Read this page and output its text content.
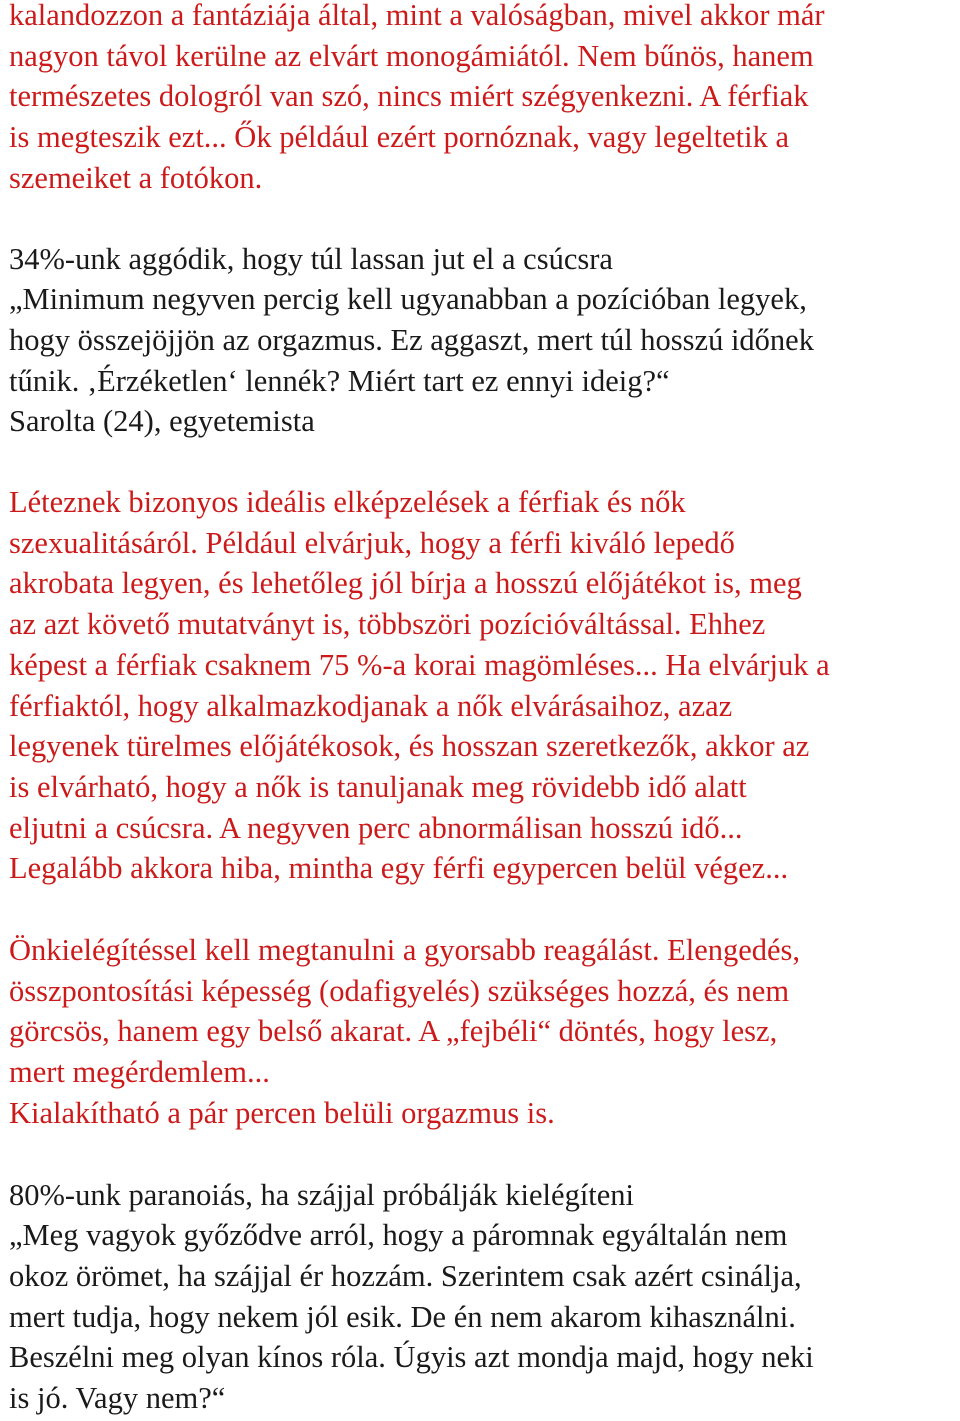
kalandozzon a fantáziája által, mint a valóságban, mivel akkor már
nagyon távol kerülne az elvárt monogámiától. Nem bűnös, hanem
természetes dologról van szó, nincs miért szégyenkezni. A férfiak
is megteszik ezt... Ők például ezért pornóznak, vagy legeltetik a
szemeiket a fotókon.
34%-unk aggódik, hogy túl lassan jut el a csúcsra
„Minimum negyven percig kell ugyanabban a pozícióban legyek,
hogy összejöjjön az orgazmus. Ez aggaszt, mert túl hosszú időnek
tűnik. ‚Érzéketlen‘ lennék? Miért tart ez ennyi ideig?“
Sarolta (24), egyetemista
Léteznek bizonyos ideális elképzelések a férfiak és nők
szexualitásáról. Például elvárjuk, hogy a férfi kiváló lepedő
akrobata legyen, és lehetőleg jól bírja a hosszú előjátékot is, meg
az azt követő mutatványt is, többszöri pozícióváltással. Ehhez
képest a férfiak csaknem 75 %-a korai magömléses... Ha elvárjuk a
férfiaktól, hogy alkalmazkodjanak a nők elvárásaihoz, azaz
legyenek türelmes előjátékosok, és hosszan szeretkezők, akkor az
is elvárható, hogy a nők is tanuljanak meg rövidebb idő alatt
eljutni a csúcsra. A negyven perc abnormálisan hosszú idő...
Legalább akkora hiba, mintha egy férfi egypercen belül végez...
Önkielégítéssel kell megtanulni a gyorsabb reagálást. Elengedés,
összpontosítási képesség (odafigyelés) szükséges hozzá, és nem
görcsös, hanem egy belső akarat. A „fejbéli“ döntés, hogy lesz,
mert megérdemlem...
Kialakítható a pár percen belüli orgazmus is.
80%-unk paranoiás, ha szájjal próbálják kielégíteni
„Meg vagyok győződve arról, hogy a páromnak egyáltalán nem
okoz örömet, ha szájjal ér hozzám. Szerintem csak azért csinálja,
mert tudja, hogy nekem jól esik. De én nem akarom kihasználni.
Beszélni meg olyan kínos róla. Úgyis azt mondja majd, hogy neki
is jó. Vagy nem?“
